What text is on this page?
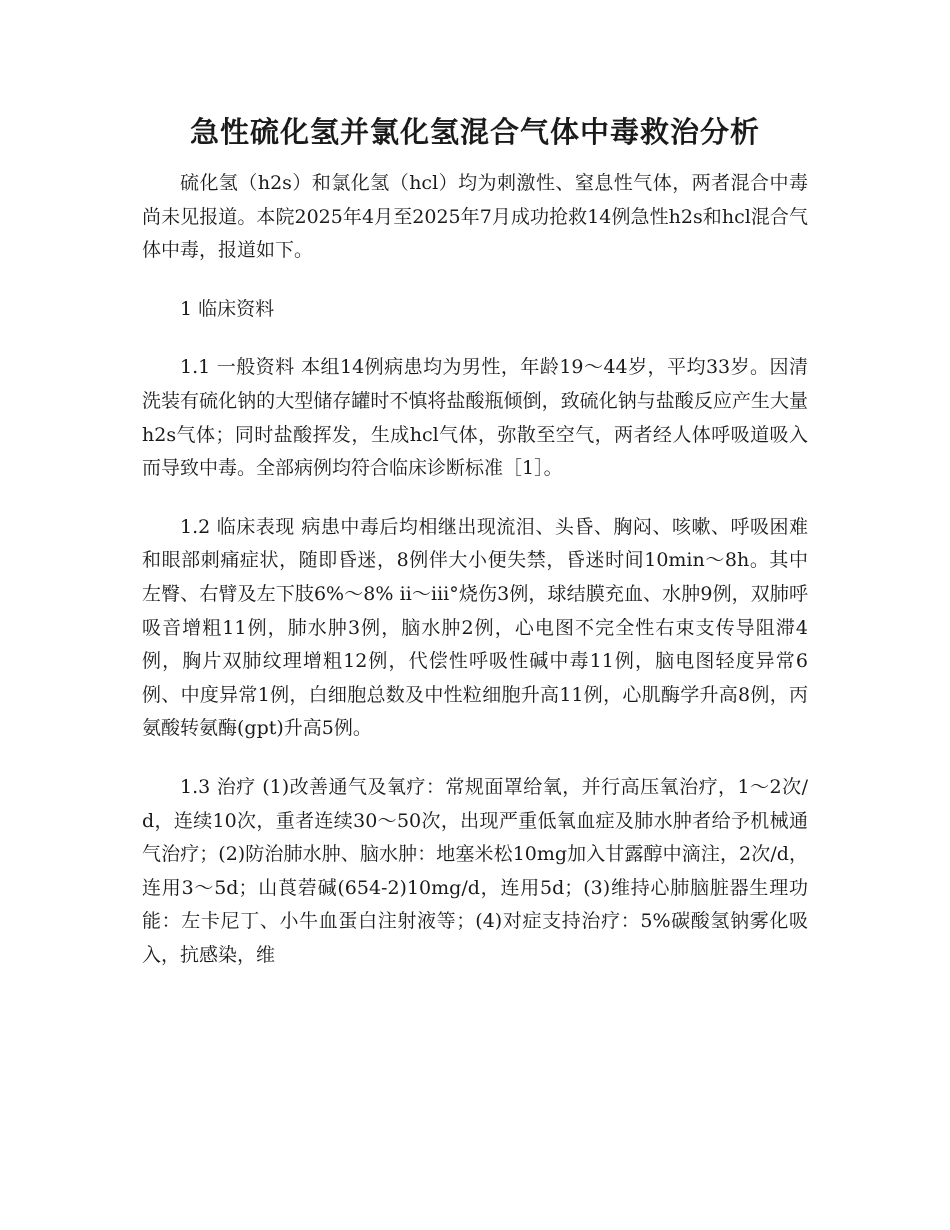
急性硫化氢并氯化氢混合气体中毒救治分析

硫化氢（h2s）和氯化氢（hcl）均为刺激性、窒息性气体，两者混合中毒尚未见报道。本院2025年4月至2025年7月成功抢救14例急性h2s和hcl混合气体中毒，报道如下。

1 临床资料

1.1 一般资料 本组14例病患均为男性，年龄19～44岁，平均33岁。因清洗装有硫化钠的大型储存罐时不慎将盐酸瓶倾倒，致硫化钠与盐酸反应产生大量h2s气体；同时盐酸挥发，生成hcl气体，弥散至空气，两者经人体呼吸道吸入而导致中毒。全部病例均符合临床诊断标准［1］。

1.2 临床表现 病患中毒后均相继出现流泪、头昏、胸闷、咳嗽、呼吸困难和眼部刺痛症状，随即昏迷，8例伴大小便失禁，昏迷时间10min～8h。其中左臀、右臂及左下肢6%～8% ⅱ～ⅲ°烧伤3例，球结膜充血、水肿9例，双肺呼吸音增粗11例，肺水肿3例，脑水肿2例，心电图不完全性右束支传导阻滞4例，胸片双肺纹理增粗12例，代偿性呼吸性碱中毒11例，脑电图轻度异常6例、中度异常1例，白细胞总数及中性粒细胞升高11例，心肌酶学升高8例，丙氨酸转氨酶(gpt)升高5例。

1.3 治疗 (1)改善通气及氧疗：常规面罩给氧，并行高压氧治疗，1～2次/d，连续10次，重者连续30～50次，出现严重低氧血症及肺水肿者给予机械通气治疗；(2)防治肺水肿、脑水肿：地塞米松10mg加入甘露醇中滴注，2次/d，连用3～5d；山莨菪碱(654-2)10mg/d，连用5d；(3)维持心肺脑脏器生理功能：左卡尼丁、小牛血蛋白注射液等；(4)对症支持治疗：5%碳酸氢钠雾化吸入，抗感染，维
